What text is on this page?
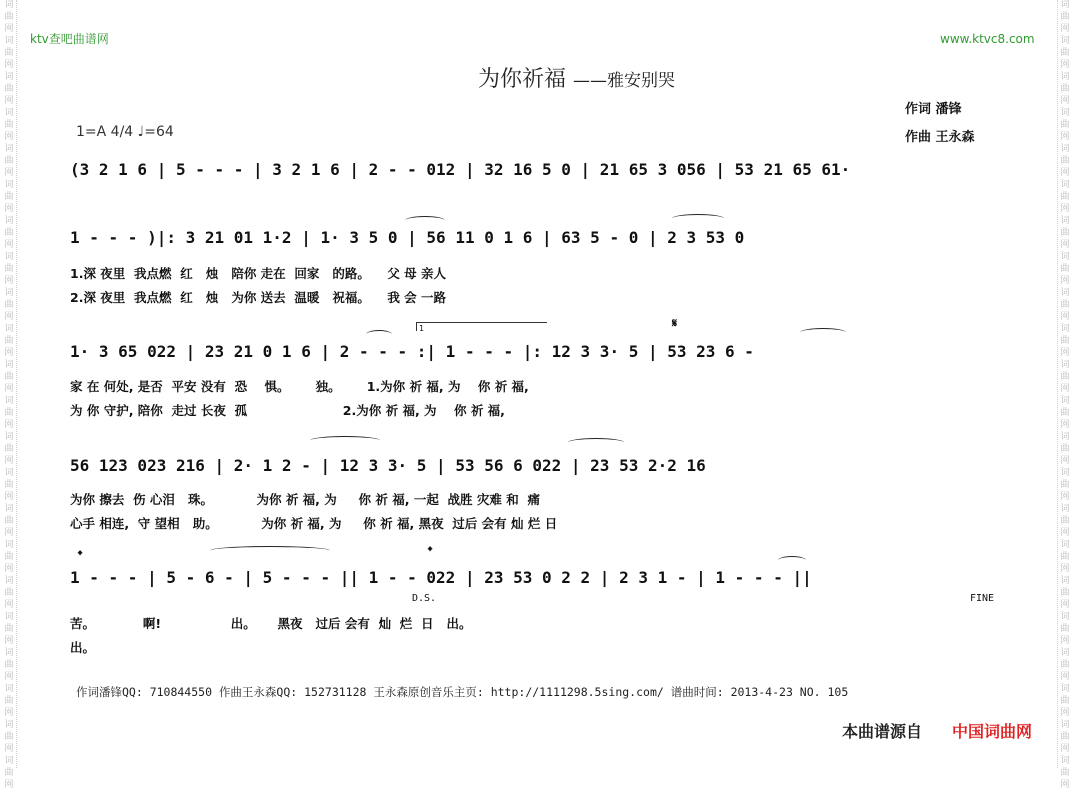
词
曲
网
词
曲
网
词
曲
网
词
曲
网
词
曲
网
词
曲
网
词
曲
网
词
曲
网
词
曲
网
词
曲
网
词
曲
网
词
曲
网
词
曲
网
词
曲
网
词
曲
网
词
曲
网
词
曲
网
词
曲
网
词
曲
网
词
曲
网
词
曲
网
词
曲
网
词
曲
网
词
曲
网
词
曲
网
词
曲
网
词
曲
网
词
曲
网
词
曲
网
词
曲
网
词
曲
网
词
曲
网
词
曲
网
词
曲
网
词
曲
网
词
曲
网
词
曲
网
词
曲
网
词
曲
网
词
曲
网
词
曲
网
词
曲
网
词
曲
网
词
曲
网
ktv查吧曲谱网	www.ktvc8.com
为你祈福 ——雅安别哭
作词 潘锋
作曲 王永森
1=A 4/4 ♩=64
(3 2 1 6 | 5 - - - | 3 2 1 6 | 2 - - 012 | 32 16 5 0 | 21 65 3 056 | 53 21 65 61·
1 - - - )|: 3 21 01 1·2 | 1· 3 5 0 | 56 11 0 1 6 | 63 5 - 0 | 2 3 53 0
1.深 夜里  我点燃  红   烛   陪你 走在  回家   的路。    父 母 亲人
2.深 夜里  我点燃  红   烛   为你 送去  温暖   祝福。    我 会 一路
1	𝄋
1· 3 65 022 | 23 21 0 1 6 | 2 - - - :| 1 - - - |: 12 3 3· 5 | 53 23 6 -
家 在 何处, 是否  平安 没有  恐    惧。      独。      1.为你 祈 福, 为    你 祈 福,
为 你 守护, 陪你  走过 长夜  孤                      2.为你 祈 福, 为    你 祈 福,
56 123 023 216 | 2· 1 2 - | 12 3 3· 5 | 53 56 6 022 | 23 53 2·2 16
为你 擦去  伤 心泪   珠。          为你 祈 福, 为     你 祈 福, 一起  战胜 灾难 和  痛
心手 相连,  守 望相   助。          为你 祈 福, 为     你 祈 福, 黑夜  过后 会有 灿 烂 日
𝄌	𝄌
1 - - - | 5 - 6 - | 5 - - - || 1 - - 022 | 23 53 0 2 2 | 2 3 1 - | 1 - - - ||
D.S.	FINE
苦。           啊!                出。     黑夜   过后 会有  灿  烂  日   出。
出。
作词潘锋QQ: 710844550 作曲王永森QQ: 152731128 王永森原创音乐主页: http://1111298.5sing.com/ 谱曲时间: 2013-4-23 NO. 105
本曲谱源自 中国词曲网
